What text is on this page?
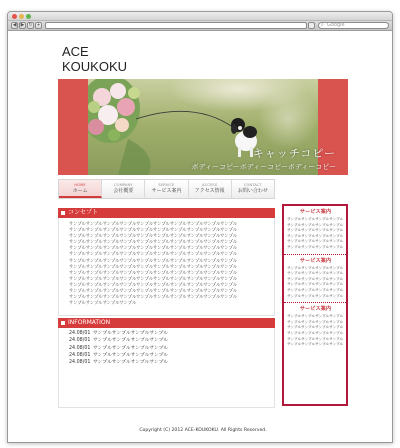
◀ ▶ ↻ +	⌕ Google
ACE
KOUKOKU
キャッチコピー
ボディーコピーボディーコピーボディーコピー
HOME
ホーム
COMPANY
会社概要
SERVICE
サービス案内
ACCESS
アクセス情報
CONTACT
お問い合わせ
コンセプト
サンプルサンプルサンプルサンプルサンプルサンプルサンプルサンプルサンプルサンプル
サンプルサンプルサンプルサンプルサンプルサンプルサンプルサンプルサンプルサンプル
サンプルサンプルサンプルサンプルサンプルサンプルサンプルサンプルサンプルサンプル
サンプルサンプルサンプルサンプルサンプルサンプルサンプルサンプルサンプルサンプル
サンプルサンプルサンプルサンプルサンプルサンプルサンプルサンプルサンプルサンプル
サンプルサンプルサンプルサンプルサンプルサンプルサンプルサンプルサンプルサンプル
サンプルサンプルサンプルサンプルサンプルサンプルサンプルサンプルサンプルサンプル
サンプルサンプルサンプルサンプルサンプルサンプルサンプルサンプルサンプルサンプル
サンプルサンプルサンプルサンプルサンプルサンプルサンプルサンプルサンプルサンプル
サンプルサンプルサンプルサンプルサンプルサンプルサンプルサンプルサンプルサンプル
サンプルサンプルサンプルサンプルサンプルサンプルサンプルサンプルサンプルサンプル
サンプルサンプルサンプルサンプルサンプルサンプルサンプルサンプルサンプルサンプル
サンプルサンプルサンプルサンプルサンプルサンプルサンプルサンプルサンプルサンプル
サンプルサンプルサンプルサンプル
INFORMATION
24.08/01 サンプルサンプルサンプルサンプル
24.08/01 サンプルサンプルサンプルサンプル
24.08/01 サンプルサンプルサンプルサンプル
24.08/01 サンプルサンプルサンプルサンプル
24.08/01 サンプルサンプルサンプルサンプル
サービス案内
サンプルサンプルサンプルサンプルサンプルサンプルサンプルサンプルサンプルサンプルサンプルサンプルサンプルサンプルサンプルサンプルサンプルサンプルサンプルサンプルサンプルサンプルサンプルサンプル
サービス案内
サンプルサンプルサンプルサンプルサンプルサンプルサンプルサンプルサンプルサンプルサンプルサンプルサンプルサンプルサンプルサンプルサンプルサンプルサンプルサンプルサンプルサンプルサンプルサンプル
サービス案内
サンプルサンプルサンプルサンプルサンプルサンプルサンプルサンプルサンプルサンプルサンプルサンプルサンプルサンプルサンプルサンプルサンプルサンプルサンプルサンプルサンプルサンプルサンプルサンプル
Copyright (C) 2012 ACE-KOUKOKU. All Rights Reserved.
